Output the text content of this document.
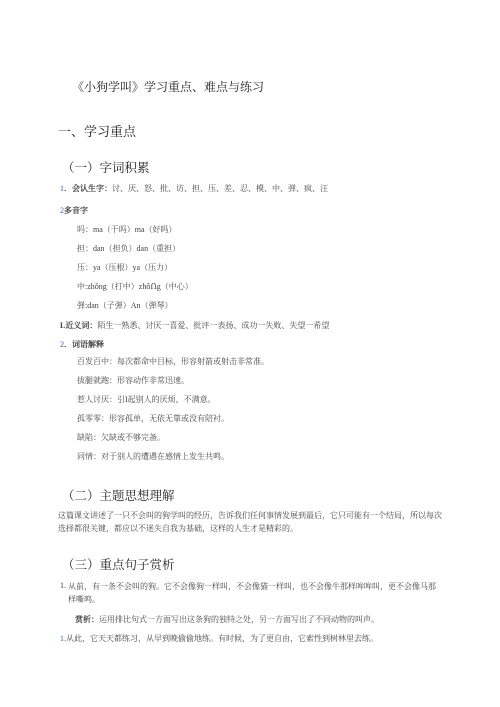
《小狗学叫》学习重点、难点与练习
一、学习重点
（一）字词积累
1．会认生字：讨、厌、怒、批、访、担、压、差、忍、模、中、弹、疯、汪
2多音字
吗：ma（干吗）ma（好吗）
担：dan（担负）dan（重担）
压：ya（压根）ya（压力）
中:zhǒng（打中）zhǒՈg（中心）
弹:dan（子弹）An（弹琴）
L近义词：陌生一熟悉、讨厌一喜爱、批评一表扬、成功一失败、失望一希望
2．词语解释
百发百中：每次都命中目标，形容射箭或射击非常准。
拔腿就跑：形容动作非常迅速。
惹人讨厌：引I起别人的厌烦，不满意。
孤零零：形容孤单，无依无靠或没有陪衬。
缺陷：欠缺或不够完备。
同情：对于别人的遭遇在感情上发生共鸣。
（二）主题思想理解
这篇课文讲述了一只不会叫的狗学叫的经历，告诉我们任何事情发展到最后，它只可能有一个结局，所以每次选择都很关键，都应以不迷失自我为基础，这样的人生才是精彩的。
（三）重点句子赏析
1. 从前，有一条不会叫的狗。它不会像狗一样叫，不会像猫一样叫，也不会像牛那样哞哞叫，更不会像马那样嘶鸣。
赏析：运用排比句式一方面写出这条狗的独特之处，另一方面写出了不同动物的叫声。
1.从此，它天天都练习，从早到晚偷偷地练。有时候，为了更自由，它索性到树林里去练。
